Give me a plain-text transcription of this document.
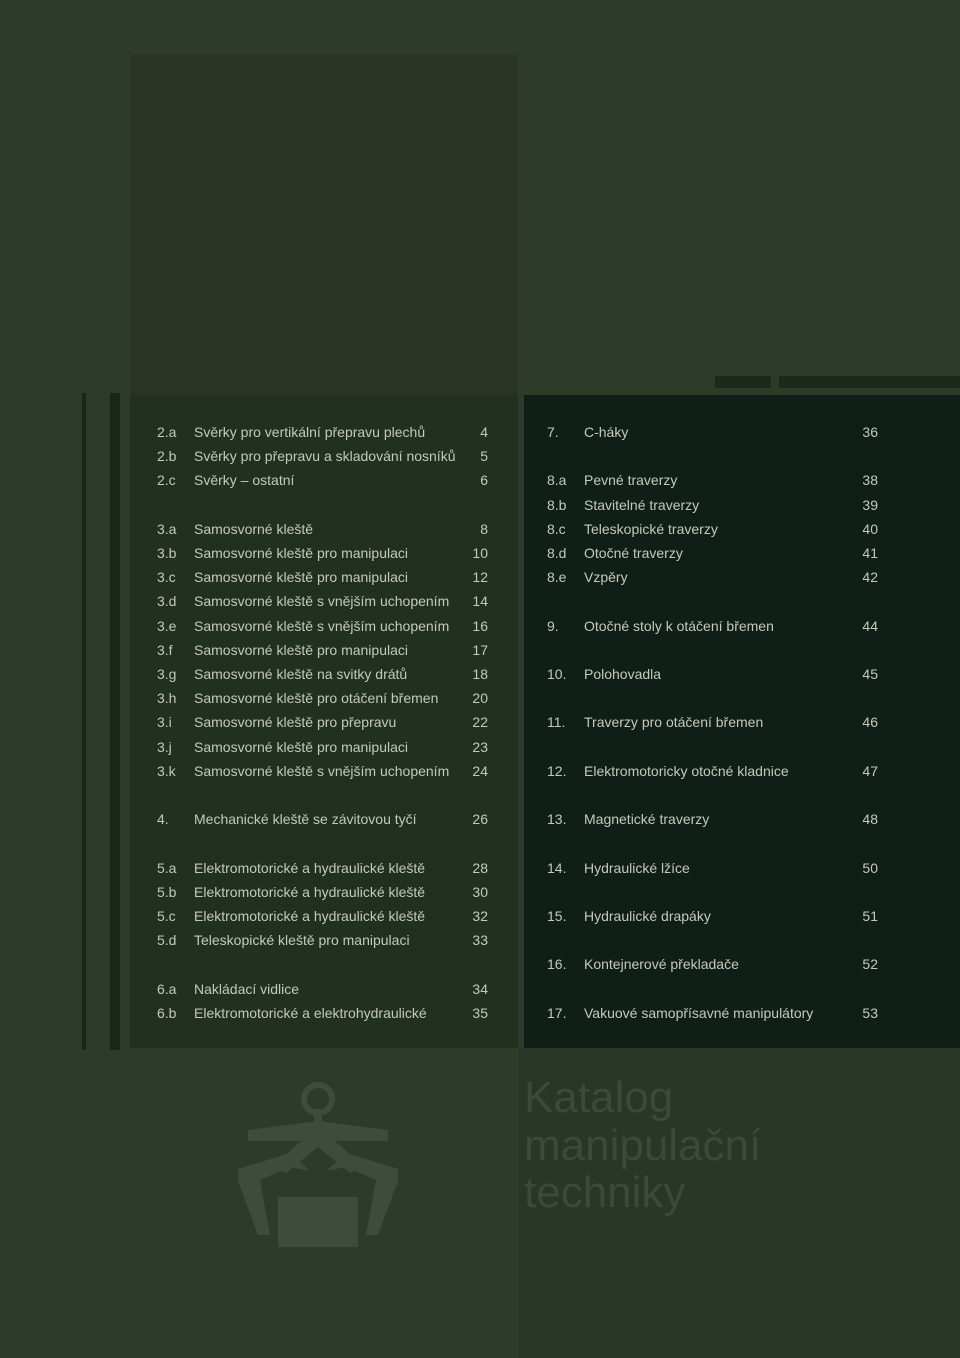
Obsah
2.a Svěrky pro vertikální přepravu plechů	4
2.b Svěrky pro přepravu a skladování nosníků 5
2.c Svěrky – ostatní	6
3.a Samosvorné kleště	8
3.b Samosvorné kleště pro manipulaci	10
3.c Samosvorné kleště pro manipulaci	12
3.d Samosvorné kleště s vnějším uchopením 14
3.e Samosvorné kleště s vnějším uchopením 16
3.f Samosvorné kleště pro manipulaci	17
3.g Samosvorné kleště na svitky drátů	18
3.h Samosvorné kleště pro otáčení břemen 20
3.i Samosvorné kleště pro přepravu	22
3.j Samosvorné kleště pro manipulaci	23
3.k Samosvorné kleště s vnějším uchopením 24
4. Mechanické kleště se závitovou tyčí	26
5.a Elektromotorické a hydraulické kleště	28
5.b Elektromotorické a hydraulické kleště	30
5.c Elektromotorické a hydraulické kleště	32
5.d Teleskopické kleště pro manipulaci	33
6.a Nakládací vidlice	34
6.b Elektromotorické a elektrohydraulické	35
7. C-háky	36
8.a Pevné traverzy	38
8.b Stavitelné traverzy	39
8.c Teleskopické traverzy	40
8.d Otočné traverzy	41
8.e Vzpěry	42
9. Otočné stoly k otáčení břemen	44
10. Polohovadla	45
11. Traverzy pro otáčení břemen	46
12. Elektromotoricky otočné kladnice	47
13. Magnetické traverzy	48
14. Hydraulické lžíce	50
15. Hydraulické drapáky	51
16. Kontejnerové překladače	52
17. Vakuové samopřísavné manipulátory	53
Katalog
manipulační
techniky
